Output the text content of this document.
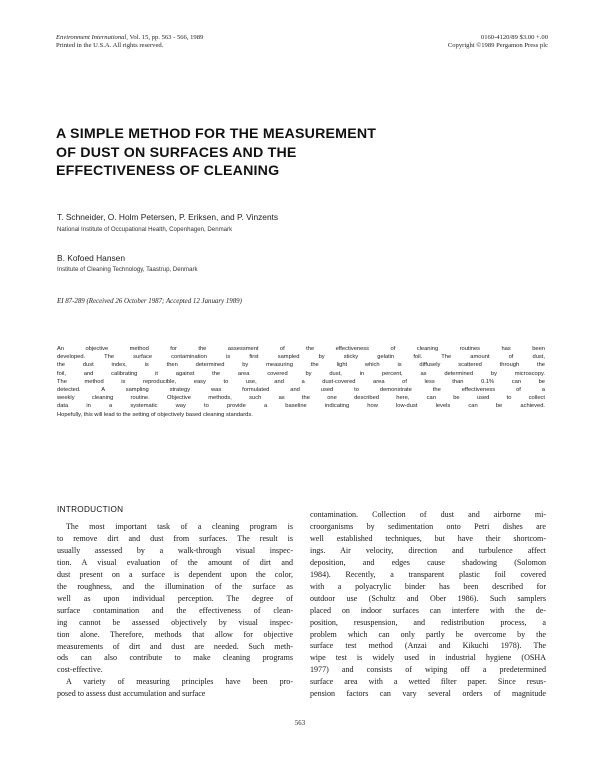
Environment International, Vol. 15, pp. 563 - 566, 1989
Printed in the U.S.A. All rights reserved.
0160-4120/89 $3.00 +.00
Copyright ©1989 Pergamon Press plc
A SIMPLE METHOD FOR THE MEASUREMENT
OF DUST ON SURFACES AND THE
EFFECTIVENESS OF CLEANING
T. Schneider, O. Holm Petersen, P. Eriksen, and P. Vinzents
National Institute of Occupational Health, Copenhagen, Denmark
B. Kofoed Hansen
Institute of Cleaning Technology, Taastrup, Denmark
EI 87-289 (Received 26 October 1987; Accepted 12 January 1989)
An objective method for the assessment of the effectiveness of cleaning routines has been
developed. The surface contamination is first sampled by sticky gelatin foil. The amount of dust,
the dust index, is then determined by measuring the light which is diffusely scattered through the
foil, and calibrating it against the area covered by dust, in percent, as determined by microscopy.
The method is reproducible, easy to use, and a dust-covered area of less than 0.1% can be
detected. A sampling strategy was formulated and used to demonstrate the effectiveness of a
weekly cleaning routine. Objective methods, such as the one described here, can be used to collect
data in a systematic way to provide a baseline indicating how low-dust levels can be achieved.
Hopefully, this will lead to the setting of objectively based cleaning standards.
INTRODUCTION
The most important task of a cleaning program is
to remove dirt and dust from surfaces. The result is
usually assessed by a walk-through visual inspec-
tion. A visual evaluation of the amount of dirt and
dust present on a surface is dependent upon the color,
the roughness, and the illumination of the surface as
well as upon individual perception. The degree of
surface contamination and the effectiveness of clean-
ing cannot be assessed objectively by visual inspec-
tion alone. Therefore, methods that allow for objective
measurements of dirt and dust are needed. Such meth-
ods can also contribute to make cleaning programs
cost-effective.
A variety of measuring principles have been pro-
posed to assess dust accumulation and surface
contamination. Collection of dust and airborne mi-
croorganisms by sedimentation onto Petri dishes are
well established techniques, but have their shortcom-
ings. Air velocity, direction and turbulence affect
deposition, and edges cause shadowing (Solomon
1984). Recently, a transparent plastic foil covered
with a polyacrylic binder has been described for
outdoor use (Schultz and Ober 1986). Such samplers
placed on indoor surfaces can interfere with the de-
position, resuspension, and redistribution process, a
problem which can only partly be overcome by the
surface test method (Anzai and Kikuchi 1978). The
wipe test is widely used in industrial hygiene (OSHA
1977) and consists of wiping off a predetermined
surface area with a wetted filter paper. Since resus-
pension factors can vary several orders of magnitude
563
